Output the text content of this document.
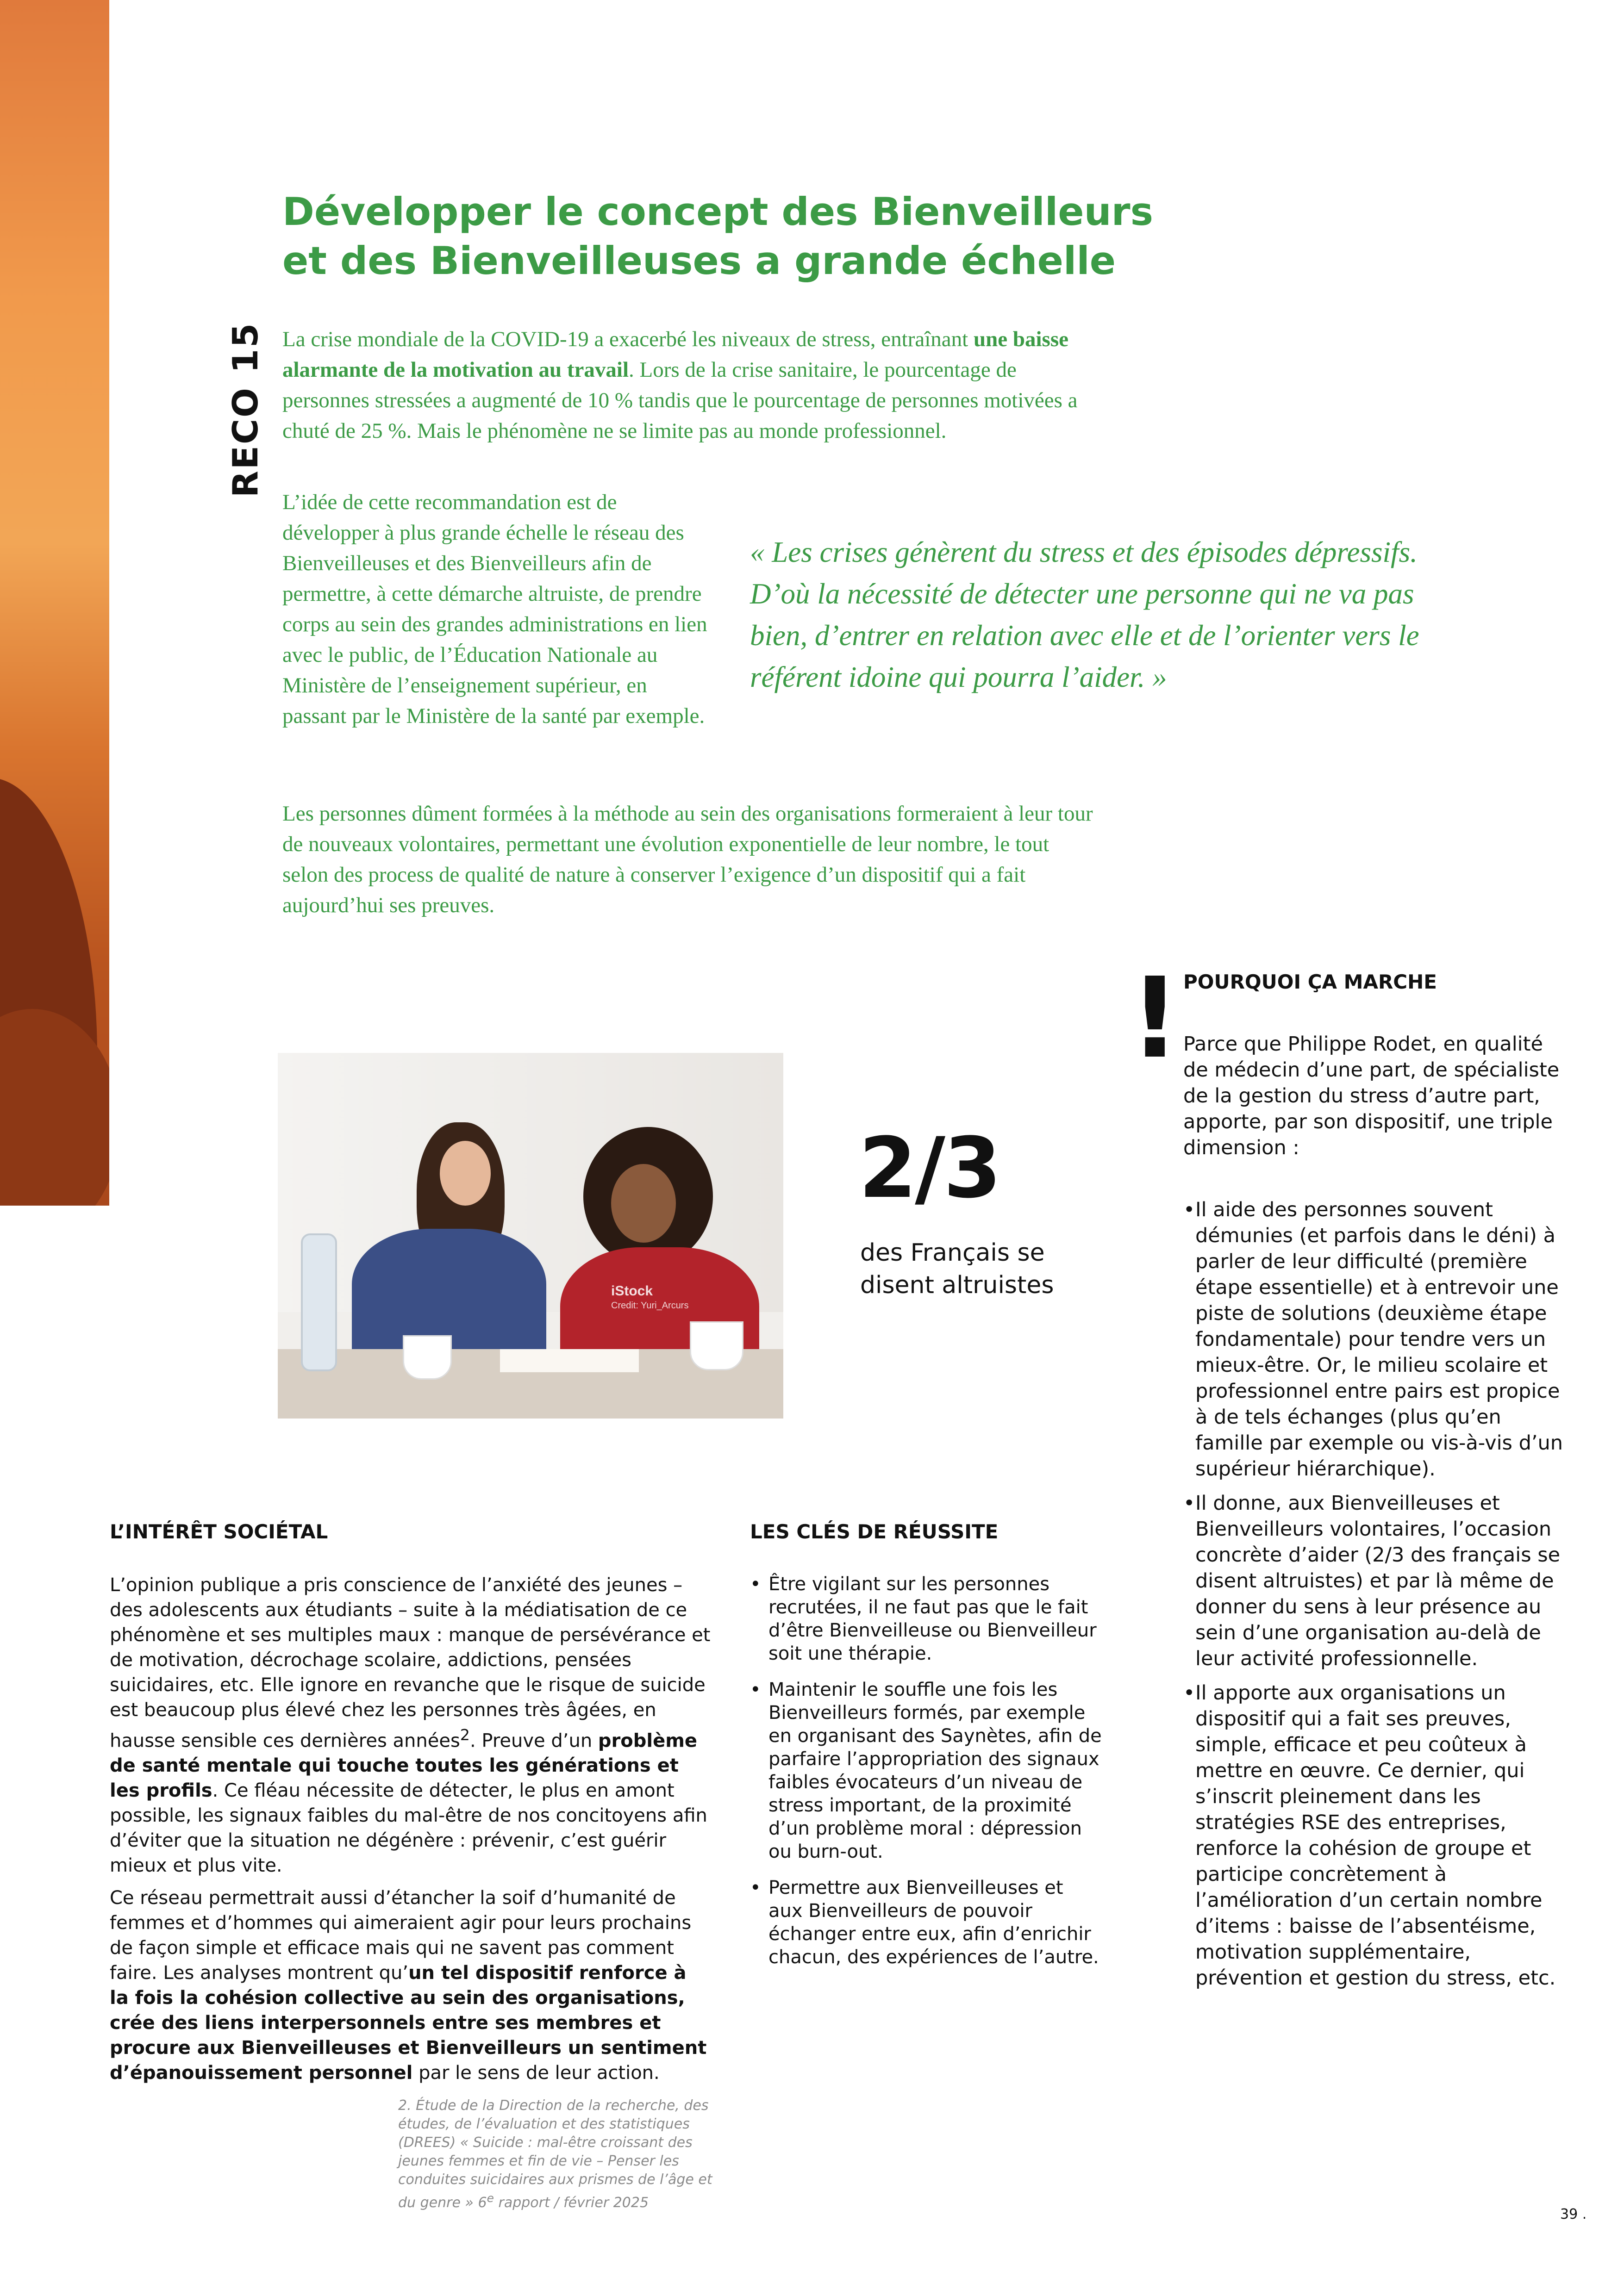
Développer le concept des Bienveilleurs
et des Bienveilleuses a grande échelle
RECO 15 La crise mondiale de la COVID-19 a exacerbé les niveaux de stress, entraînant une baisse alarmante de la motivation au travail. Lors de la crise sanitaire, le pourcentage de personnes stressées a augmenté de 10 % tandis que le pourcentage de personnes motivées a chuté de 25 %. Mais le phénomène ne se limite pas au monde professionnel.

L’idée de cette recommandation est de développer à plus grande échelle le réseau des Bienveilleuses et des Bienveilleurs afin de permettre, à cette démarche altruiste, de prendre corps au sein des grandes administrations en lien avec le public, de l’Éducation Nationale au Ministère de l’enseignement supérieur, en passant par le Ministère de la santé par exemple.

« Les crises génèrent du stress et des épisodes dépressifs. D’où la nécessité de détecter une personne qui ne va pas bien, d’entrer en relation avec elle et de l’orienter vers le référent idoine qui pourra l’aider. »

Les personnes dûment formées à la méthode au sein des organisations formeraient à leur tour de nouveaux volontaires, permettant une évolution exponentielle de leur nombre, le tout selon des process de qualité de nature à conserver l’exigence d’un dispositif qui a fait aujourd’hui ses preuves.

iStock
Credit: Yuri_Arcurs

2/3

des Français se disent altruistes

! POURQUOI ÇA MARCHE

Parce que Philippe Rodet, en qualité de médecin d’une part, de spécialiste de la gestion du stress d’autre part, apporte, par son dispositif, une triple dimension :

• Il aide des personnes souvent démunies (et parfois dans le déni) à parler de leur difficulté (première étape essentielle) et à entrevoir une piste de solutions (deuxième étape fondamentale) pour tendre vers un mieux-être. Or, le milieu scolaire et professionnel entre pairs est propice à de tels échanges (plus qu’en famille par exemple ou vis-à-vis d’un supérieur hiérarchique).
• Il donne, aux Bienveilleuses et Bienveilleurs volontaires, l’occasion concrète d’aider (2/3 des français se disent altruistes) et par là même de donner du sens à leur présence au sein d’une organisation au-delà de leur activité professionnelle.
• Il apporte aux organisations un dispositif qui a fait ses preuves, simple, efficace et peu coûteux à mettre en œuvre. Ce dernier, qui s’inscrit pleinement dans les stratégies RSE des entreprises, renforce la cohésion de groupe et participe concrètement à l’amélioration d’un certain nombre d’items : baisse de l’absentéisme, motivation supplémentaire, prévention et gestion du stress, etc.
L’INTÉRÊT SOCIÉTAL

L’opinion publique a pris conscience de l’anxiété des jeunes – des adolescents aux étudiants – suite à la médiatisation de ce phénomène et ses multiples maux : manque de persévérance et de motivation, décrochage scolaire, addictions, pensées suicidaires, etc. Elle ignore en revanche que le risque de suicide est beaucoup plus élevé chez les personnes très âgées, en hausse sensible ces dernières années$^2$. Preuve d’un problème de santé mentale qui touche toutes les générations et les profils. Ce fléau nécessite de détecter, le plus en amont possible, les signaux faibles du mal-être de nos concitoyens afin d’éviter que la situation ne dégénère : prévenir, c’est guérir mieux et plus vite.

Ce réseau permettrait aussi d’étancher la soif d’humanité de femmes et d’hommes qui aimeraient agir pour leurs prochains de façon simple et efficace mais qui ne savent pas comment faire. Les analyses montrent qu’un tel dispositif renforce à la fois la cohésion collective au sein des organisations, crée des liens interpersonnels entre ses membres et procure aux Bienveilleuses et Bienveilleurs un sentiment d’épanouissement personnel par le sens de leur action.

2. Étude de la Direction de la recherche, des études, de l’évaluation et des statistiques (DREES) « Suicide : mal-être croissant des jeunes femmes et fin de vie – Penser les conduites suicidaires aux prismes de l’âge et du genre » 6e rapport / février 2025

LES CLÉS DE RÉUSSITE
• Être vigilant sur les personnes recrutées, il ne faut pas que le fait d’être Bienveilleuse ou Bienveilleur soit une thérapie.
• Maintenir le souffle une fois les Bienveilleurs formés, par exemple en organisant des Saynètes, afin de parfaire l’appropriation des signaux faibles évocateurs d’un niveau de stress important, de la proximité d’un problème moral : dépression ou burn-out.
• Permettre aux Bienveilleuses et aux Bienveilleurs de pouvoir échanger entre eux, afin d’enrichir chacun, des expériences de l’autre.

39 .
